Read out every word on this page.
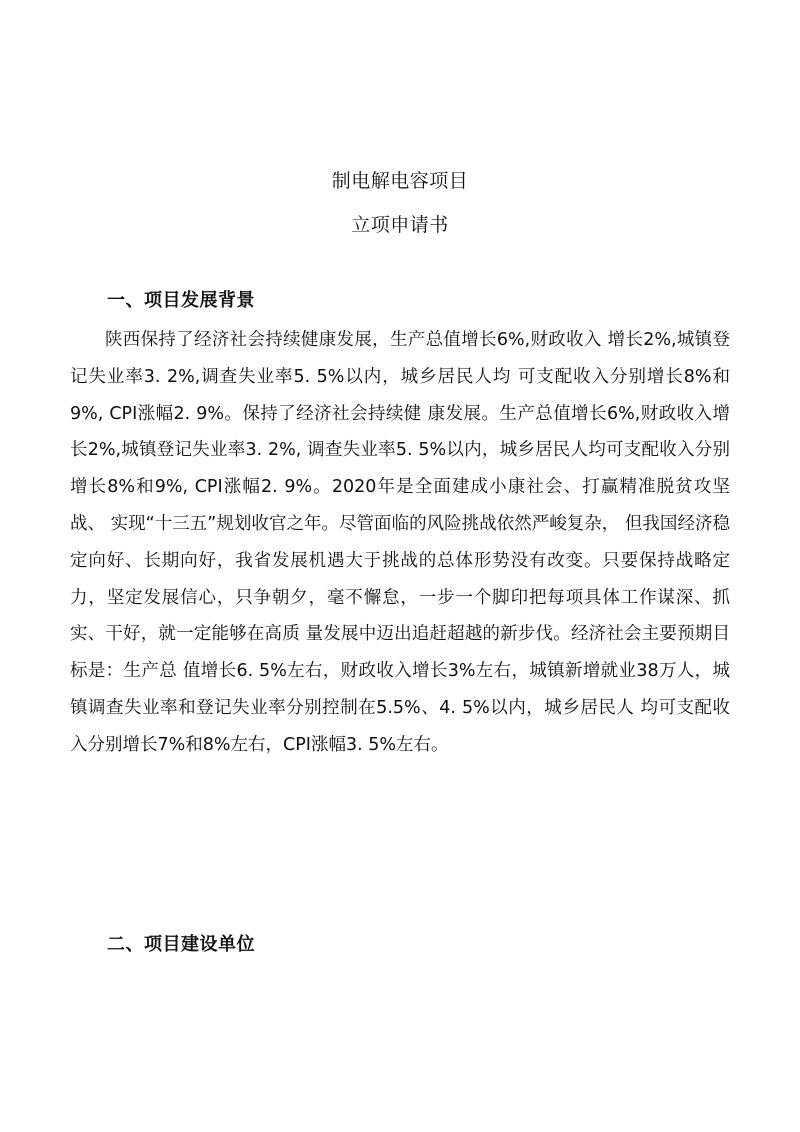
制电解电容项目
立项申请书
一、项目发展背景

陕西保持了经济社会持续健康发展，生产总值增长6%,财政收入 增长2%,城镇登记失业率3. 2%,调查失业率5. 5%以内，城乡居民人均 可支配收入分别增长8%和9%, CPI涨幅2. 9%。保持了经济社会持续健 康发展。生产总值增长6%,财政收入增长2%,城镇登记失业率3. 2%, 调查失业率5. 5%以内，城乡居民人均可支配收入分别增长8%和9%, CPI涨幅2. 9%。2020年是全面建成小康社会、打赢精准脱贫攻坚战、 实现“十三五”规划收官之年。尽管面临的风险挑战依然严峻复杂， 但我国经济稳定向好、长期向好，我省发展机遇大于挑战的总体形势没有改变。只要保持战略定力，坚定发展信心，只争朝夕，毫不懈怠，一步一个脚印把每项具体工作谋深、抓实、干好，就一定能够在高质 量发展中迈出追赶超越的新步伐。经济社会主要预期目标是：生产总 值增长6. 5%左右，财政收入增长3%左右，城镇新增就业38万人，城 镇调查失业率和登记失业率分别控制在5.5%、4. 5%以内，城乡居民人 均可支配收入分别增长7%和8%左右，CPI涨幅3. 5%左右。

二、项目建设单位
